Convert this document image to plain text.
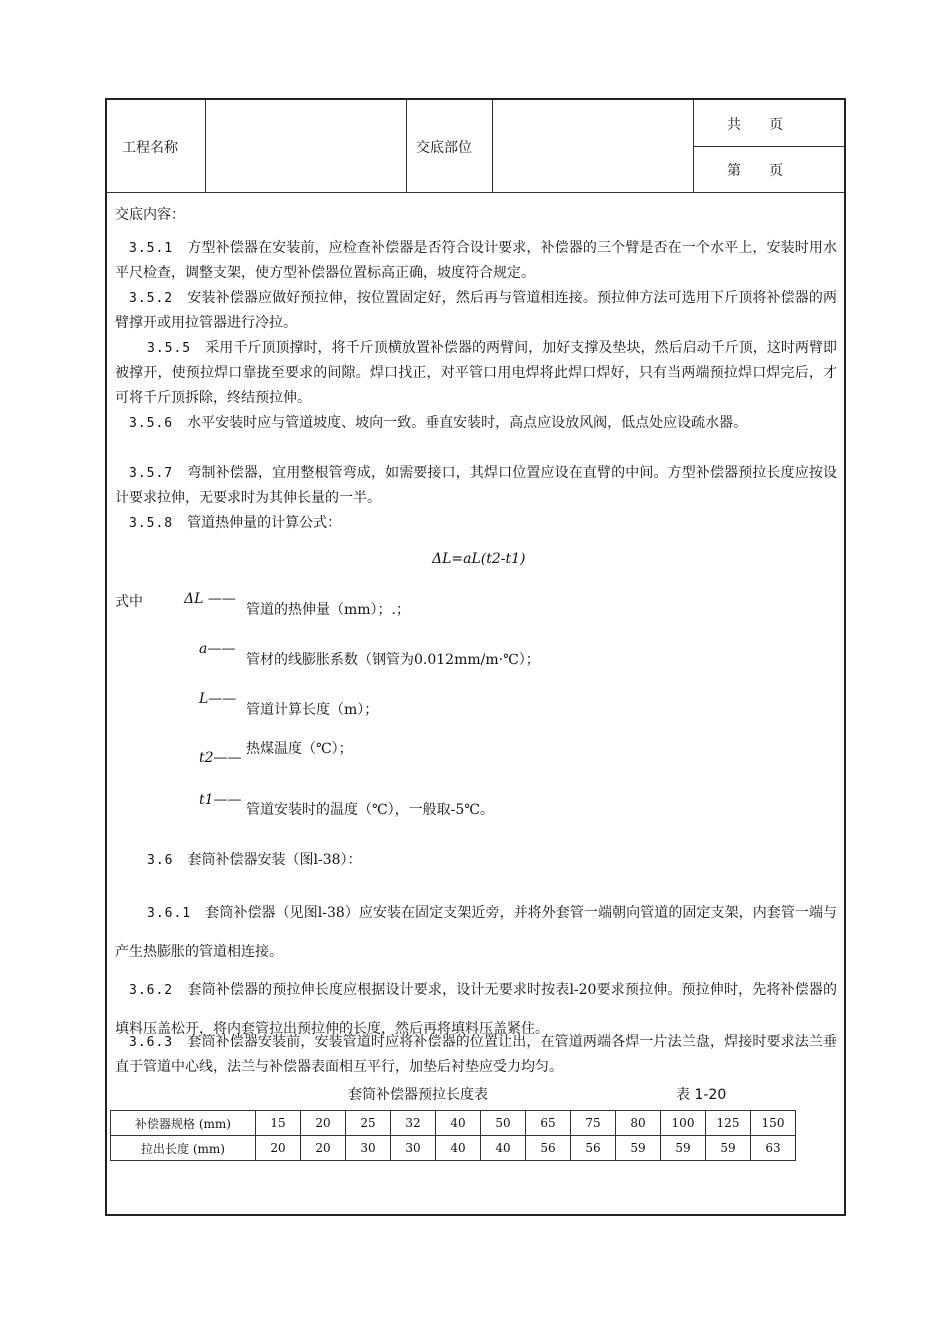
工程名称	交底部位
共　　页
第　　页
交底内容：
3.5.1　 方型补偿器在安装前，应检查补偿器是否符合设计要求，补偿器的三个臂是否在一个水平上，安装时用水平尺检查，调整支架，使方型补偿器位置标高正确，坡度符合规定。
3.5.2　 安装补偿器应做好预拉伸，按位置固定好，然后再与管道相连接。预拉伸方法可选用下斤顶将补偿器的两臂撑开或用拉管器进行冷拉。
3.5.5　 采用千斤顶顶撑时，将千斤顶横放置补偿器的两臂间，加好支撑及垫块，然后启动千斤顶，这时两臂即被撑开，使预拉焊口靠拢至要求的间隙。焊口找正，对平管口用电焊将此焊口焊好，只有当两端预拉焊口焊完后，才可将千斤顶拆除，终结预拉伸。
3.5.6　 水平安装时应与管道坡度、坡向一致。垂直安装时，高点应设放风阀，低点处应设疏水器。
3.5.7　 弯制补偿器，宜用整根管弯成，如需要接口，其焊口位置应设在直臂的中间。方型补偿器预拉长度应按设计要求拉伸，无要求时为其伸长量的一半。
3.5.8　 管道热伸量的计算公式：
ΔL=aL(t2-t1)
式中	ΔL ——
管道的热伸量（mm）；.；
a——
管材的线膨胀系数（钢管为0.012mm/m·℃）；
L——
管道计算长度（m）；
t2——
热煤温度（℃）；
t1——
管道安装时的温度（℃），一般取-5℃。
3.6　 套筒补偿器安装（图l-38）：
3.6.1　 套筒补偿器（见图l-38）应安装在固定支架近旁，并将外套管一端朝向管道的固定支架，内套管一端与产生热膨胀的管道相连接。
3.6.2　 套筒补偿器的预拉伸长度应根据设计要求，设计无要求时按表l-20要求预拉伸。预拉伸时，先将补偿器的填料压盖松开，将内套管拉出预拉伸的长度，然后再将填料压盖紧住。
3.6.3　 套筒补偿器安装前，安装管道时应将补偿器的位置让出，在管道两端各焊一片法兰盘，焊接时要求法兰垂直于管道中心线，法兰与补偿器表面相互平行，加垫后衬垫应受力均匀。
套筒补偿器预拉长度表	表 1-20
补偿器规格 (mm)	15	20	25	32	40	50	65	75	80	100	125	150
拉出长度 (mm)	20	20	30	30	40	40	56	56	59	59	59	63
